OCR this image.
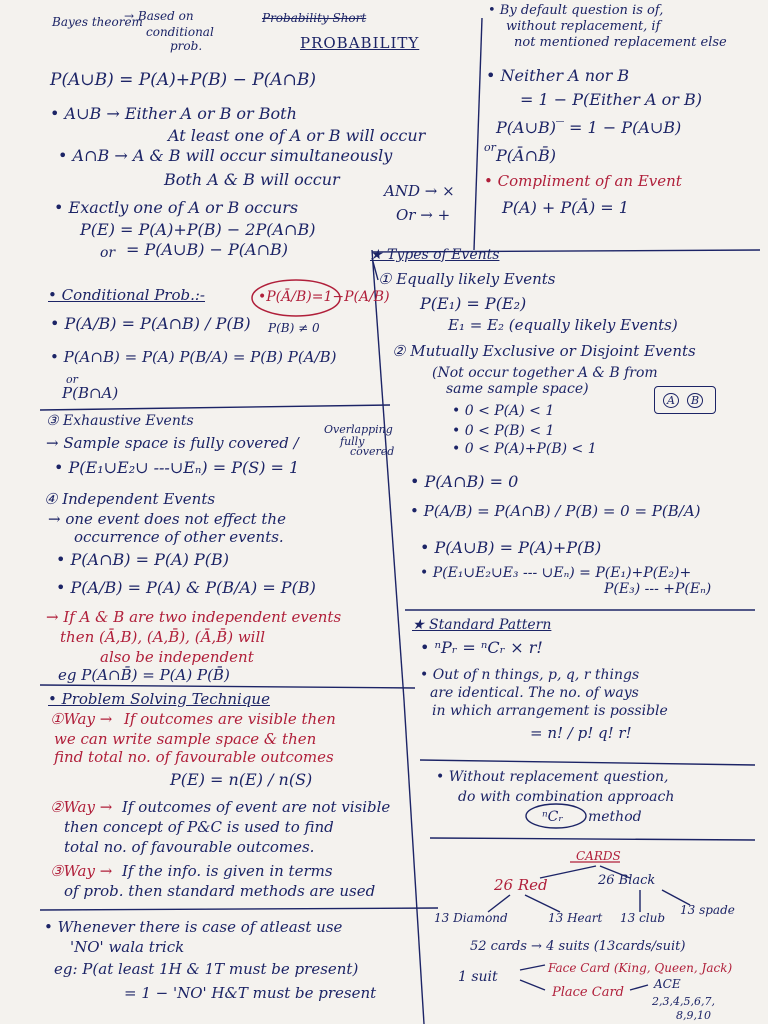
A	B
Bayes theorem
→ Based on
conditional
prob.
Probability Short
PROBABILITY
• By default question is of,
without replacement, if
not mentioned replacement else
P(A∪B) = P(A)+P(B) − P(A∩B)
• A∪B → Either A or B or Both
At least one of A or B will occur
• A∩B → A & B will occur simultaneously
Both A & B will occur
AND → ×
Or → +
• Exactly one of A or B occurs
P(E) = P(A)+P(B) − 2P(A∩B)
or = P(A∪B) − P(A∩B)
• Conditional Prob.:-	•P(Ā/B)=1−P(A/B)
• P(A/B) = P(A∩B) / P(B) P(B) ≠ 0
• P(A∩B) = P(A) P(B/A) = P(B) P(A/B)
or
P(B∩A)
③ Exhaustive Events
Overlapping
fully
covered
→ Sample space is fully covered /
• P(E₁∪E₂∪ ---∪Eₙ) = P(S) = 1
④ Independent Events
→ one event does not effect the
occurrence of other events.
• P(A∩B) = P(A) P(B)
• P(A/B) = P(A) & P(B/A) = P(B)
→ If A & B are two independent events
then (Ā,B), (A,B̄), (Ā,B̄) will
also be independent
eg P(A∩B̄) = P(A) P(B̄)
• Problem Solving Technique
①Way → If outcomes are visible then
we can write sample space & then
find total no. of favourable outcomes
P(E) = n(E) / n(S)
②Way → If outcomes of event are not visible
then concept of P&C is used to find
total no. of favourable outcomes.
③Way → If the info. is given in terms
of prob. then standard methods are used
• Whenever there is case of atleast use
'NO' wala trick
eg: P(at least 1H & 1T must be present)
= 1 − 'NO' H&T must be present
• Neither A nor B
= 1 − P(Either A or B)
P(A∪B)‾ = 1 − P(A∪B)
or P(Ā∩B̄)
• Compliment of an Event
P(A) + P(Ā) = 1
★ Types of Events
① Equally likely Events
P(E₁) = P(E₂)
E₁ = E₂ (equally likely Events)
② Mutually Exclusive or Disjoint Events
(Not occur together A & B from
same sample space)
• 0 < P(A) < 1
• 0 < P(B) < 1
• 0 < P(A)+P(B) < 1
• P(A∩B) = 0
• P(A/B) = P(A∩B) / P(B) = 0 = P(B/A)
• P(A∪B) = P(A)+P(B)
• P(E₁∪E₂∪E₃ --- ∪Eₙ) = P(E₁)+P(E₂)+
P(E₃) --- +P(Eₙ)
★ Standard Pattern
• ⁿPᵣ = ⁿCᵣ × r!
• Out of n things, p, q, r things
are identical. The no. of ways
in which arrangement is possible
= n! / p! q! r!
• Without replacement question,
do with combination approach
ⁿCᵣ method
CARDS
26 Red	26 Black
13 Diamond	13 Heart 13 club
13 spade
52 cards → 4 suits (13cards/suit)
1 suit
Face Card (King, Queen, Jack)
Place Card
ACE
2,3,4,5,6,7,
8,9,10
